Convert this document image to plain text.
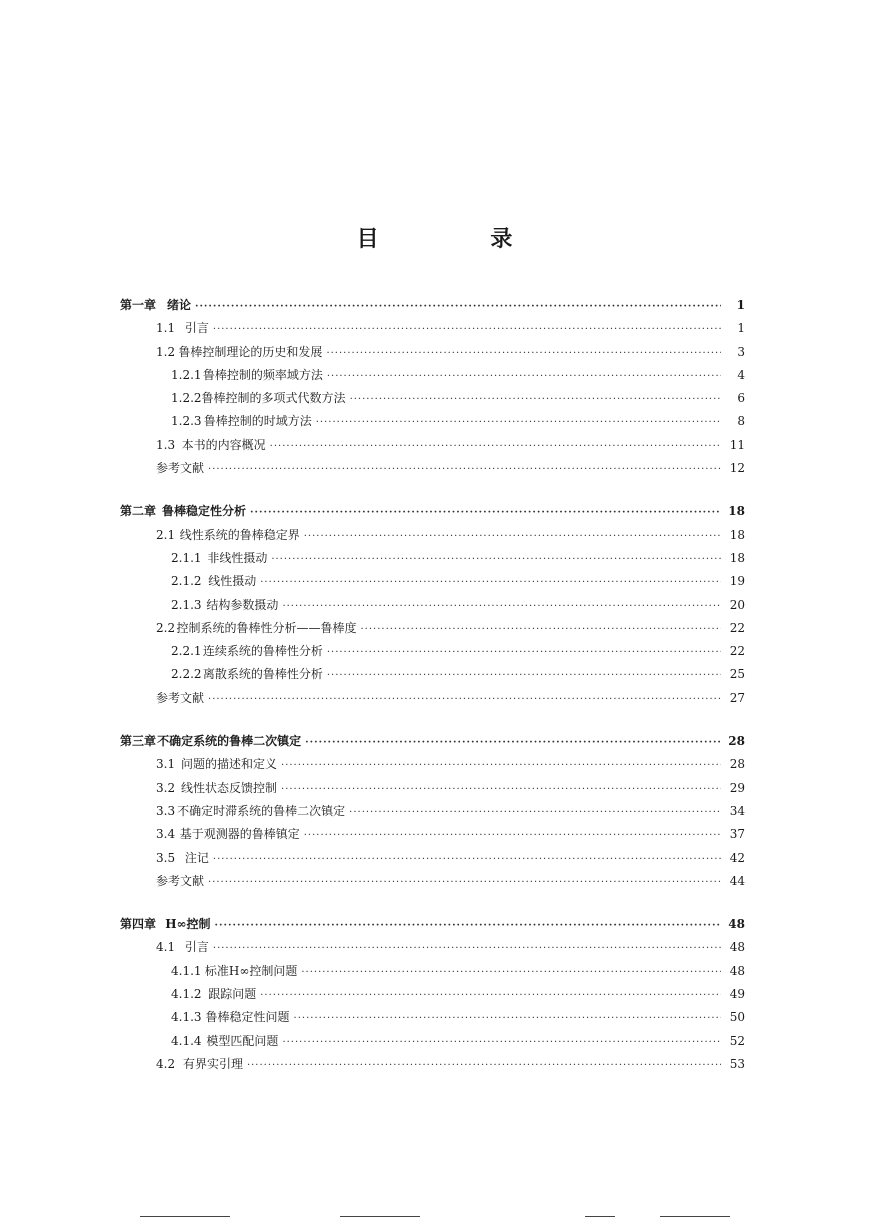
目 录
第一章 绪论 ·····	1
1.1 引言 ·····	1
1.2 鲁棒控制理论的历史和发展 ·····	3
1.2.1 鲁棒控制的频率域方法 ·····	4
1.2.2 鲁棒控制的多项式代数方法 ·····	6
1.2.3 鲁棒控制的时域方法 ·····	8
1.3 本书的内容概况 ·····	11
参考文献 ·····	12
第二章 鲁棒稳定性分析 ·····	18
2.1 线性系统的鲁棒稳定界 ·····	18
2.1.1 非线性摄动 ·····	18
2.1.2 线性摄动 ·····	19
2.1.3 结构参数摄动 ·····	20
2.2 控制系统的鲁棒性分析——鲁棒度 ·····	22
2.2.1 连续系统的鲁棒性分析 ·····	22
2.2.2 离散系统的鲁棒性分析 ·····	25
参考文献 ·····	27
第三章 不确定系统的鲁棒二次镇定 ·····	28
3.1 问题的描述和定义 ·····	28
3.2 线性状态反馈控制 ·····	29
3.3 不确定时滞系统的鲁棒二次镇定 ·····	34
3.4 基于观测器的鲁棒镇定 ·····	37
3.5 注记 ·····	42
参考文献 ·····	44
第四章 H∞控制 ·····	48
4.1 引言 ·····	48
4.1.1 标准H∞控制问题 ·····	48
4.1.2 跟踪问题 ·····	49
4.1.3 鲁棒稳定性问题 ·····	50
4.1.4 模型匹配问题 ·····	52
4.2 有界实引理 ·····	53
